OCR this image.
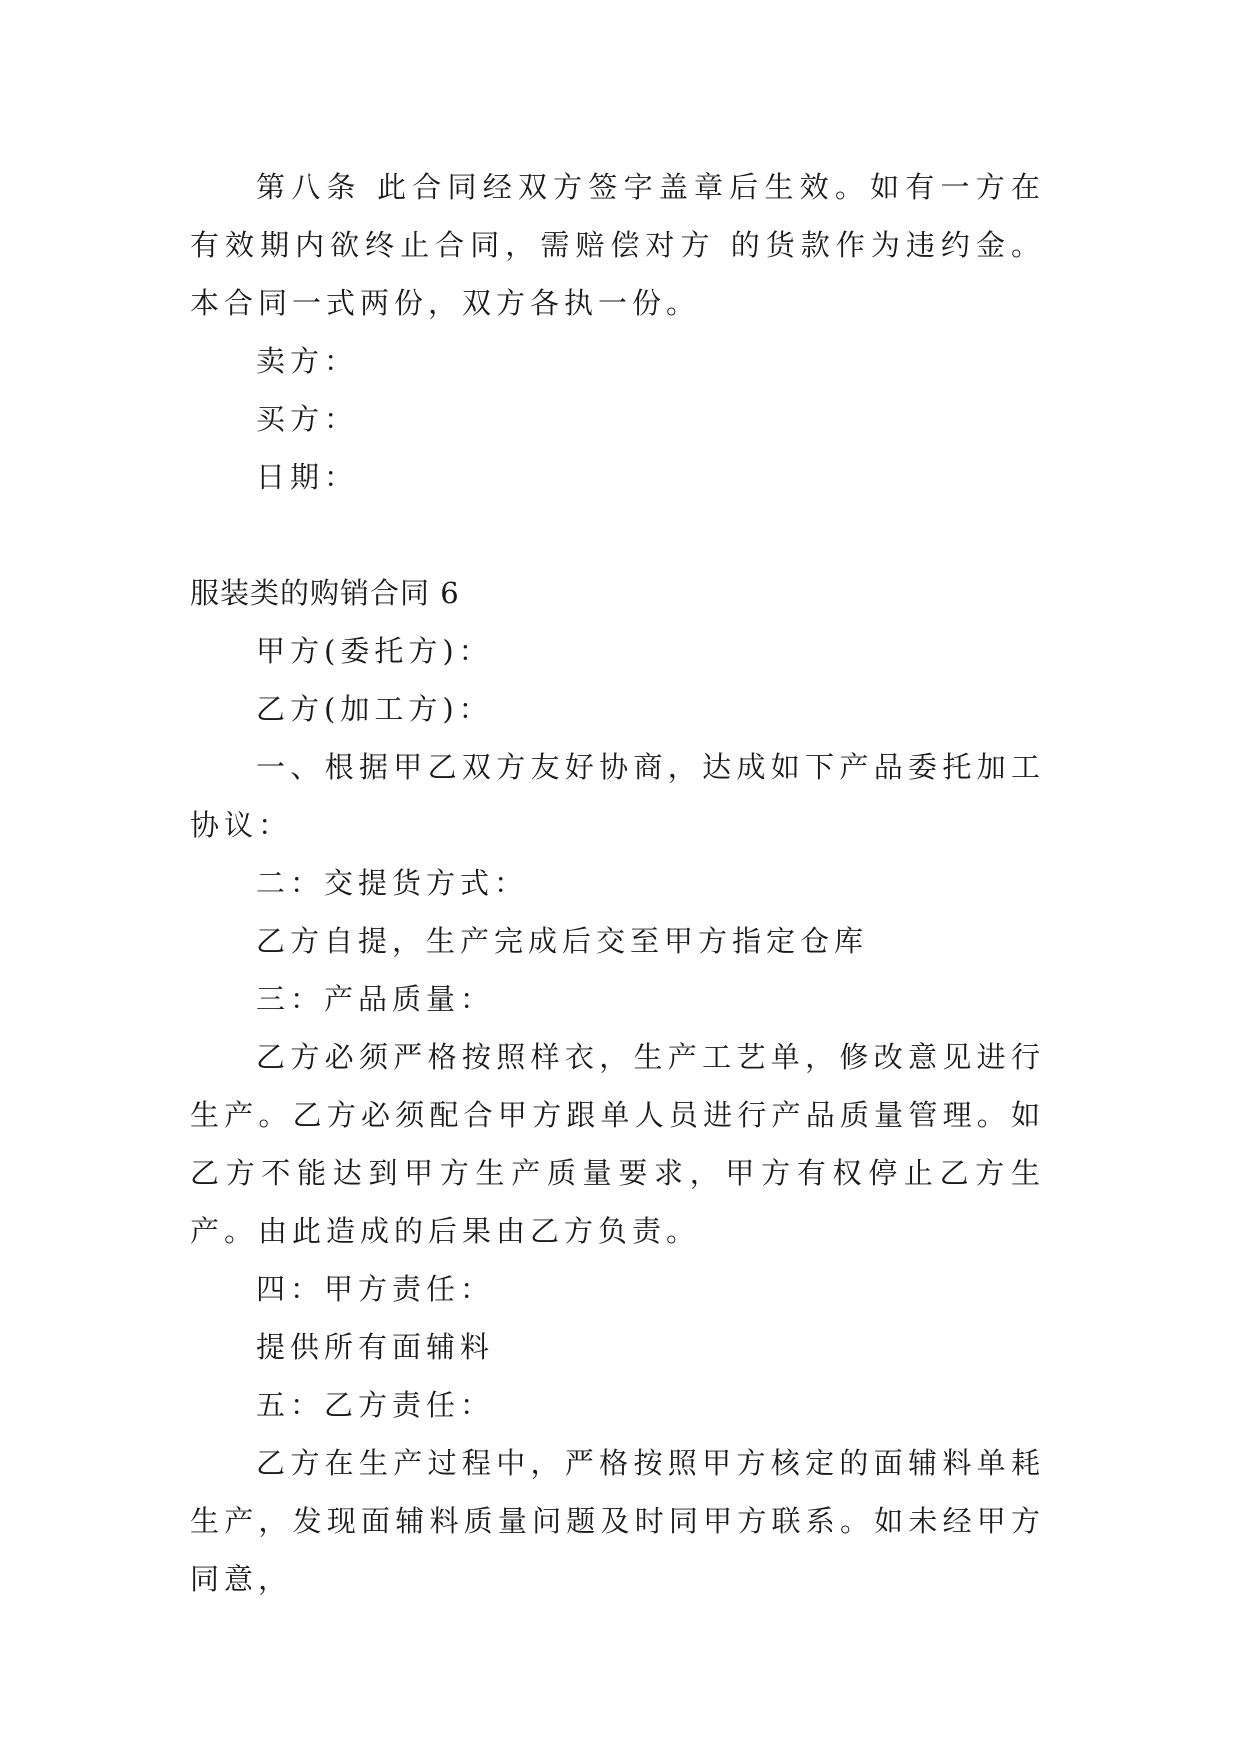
第八条 此合同经双方签字盖章后生效。如有一方在有效期内欲终止合同，需赔偿对方 的货款作为违约金。本合同一式两份，双方各执一份。

卖方：

买方：

日期：

服装类的购销合同 6

甲方(委托方)：

乙方(加工方)：

一、根据甲乙双方友好协商，达成如下产品委托加工协议：

二：交提货方式：

乙方自提，生产完成后交至甲方指定仓库

三：产品质量：

乙方必须严格按照样衣，生产工艺单，修改意见进行生产。乙方必须配合甲方跟单人员进行产品质量管理。如乙方不能达到甲方生产质量要求，甲方有权停止乙方生产。由此造成的后果由乙方负责。

四：甲方责任：

提供所有面辅料

五：乙方责任：

乙方在生产过程中，严格按照甲方核定的面辅料单耗生产，发现面辅料质量问题及时同甲方联系。如未经甲方同意，
